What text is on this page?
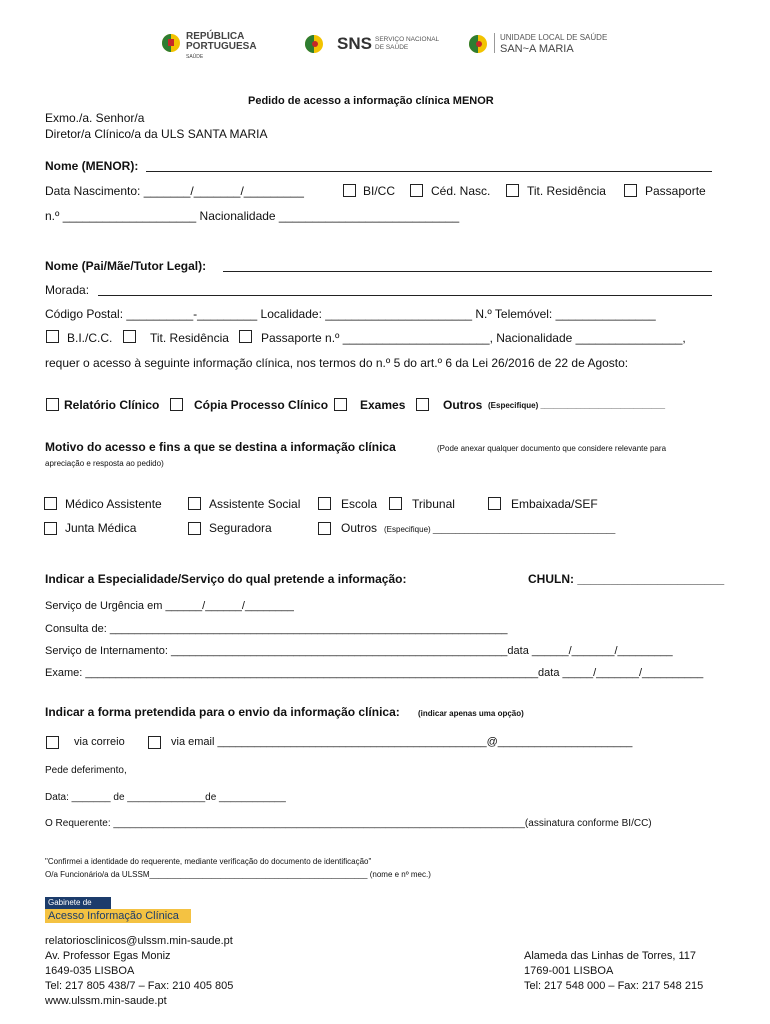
REPÚBLICA
PORTUGUESA
SAÚDE
SNS SERVIÇO NACIONAL
DE SAÚDE
UNIDADE LOCAL DE SAÚDE
SAN~A MARIA
Pedido de acesso a informação clínica MENOR
Exmo./a. Senhor/a
Diretor/a Clínico/a da ULS SANTA MARIA
Nome (MENOR):
Data Nascimento: _______/_______/_________	BI/CC	Céd. Nasc.	Tit. Residência	Passaporte
n.º ____________________ Nacionalidade ___________________________
Nome (Pai/Mãe/Tutor Legal):
Morada:
Código Postal: __________-_________ Localidade: ______________________ N.º Telemóvel: _______________
B.I./C.C.	Tit. Residência	Passaporte n.º ______________________, Nacionalidade ________________,
requer o acesso à seguinte informação clínica, nos termos do n.º 5 do art.º 6 da Lei 26/2016 de 22 de Agosto:
Relatório Clínico	Cópia Processo Clínico	Exames	Outros (Especifique) ____________________________
Motivo do acesso e fins a que se destina a informação clínica	(Pode anexar qualquer documento que considere relevante para
apreciação e resposta ao pedido)
Médico Assistente	Assistente Social	Escola	Tribunal	Embaixada/SEF
Junta Médica	Seguradora	Outros (Especifique) _________________________________________
Indicar a Especialidade/Serviço do qual pretende a informação:	CHULN: ______________________
Serviço de Urgência em ______/______/________
Consulta de: _________________________________________________________________
Serviço de Internamento: _______________________________________________________data ______/_______/_________
Exame: __________________________________________________________________________data _____/_______/__________
Indicar a forma pretendida para o envio da informação clínica: (indicar apenas uma opção)
via correio	via email ____________________________________________@______________________
Pede deferimento,
Data: _______ de ______________de ____________
O Requerente: __________________________________________________________________________(assinatura conforme BI/CC)
"Confirmei a identidade do requerente, mediante verificação do documento de identificação"
O/a Funcionário/a da ULSSM_________________________________________________ (nome e nº mec.)
Gabinete de
Acesso Informação Clínica
relatoriosclinicos@ulssm.min-saude.pt
Av. Professor Egas Moniz
1649-035 LISBOA
Tel: 217 805 438/7 – Fax: 210 405 805
www.ulssm.min-saude.pt
Alameda das Linhas de Torres, 117
1769-001 LISBOA
Tel: 217 548 000 – Fax: 217 548 215
